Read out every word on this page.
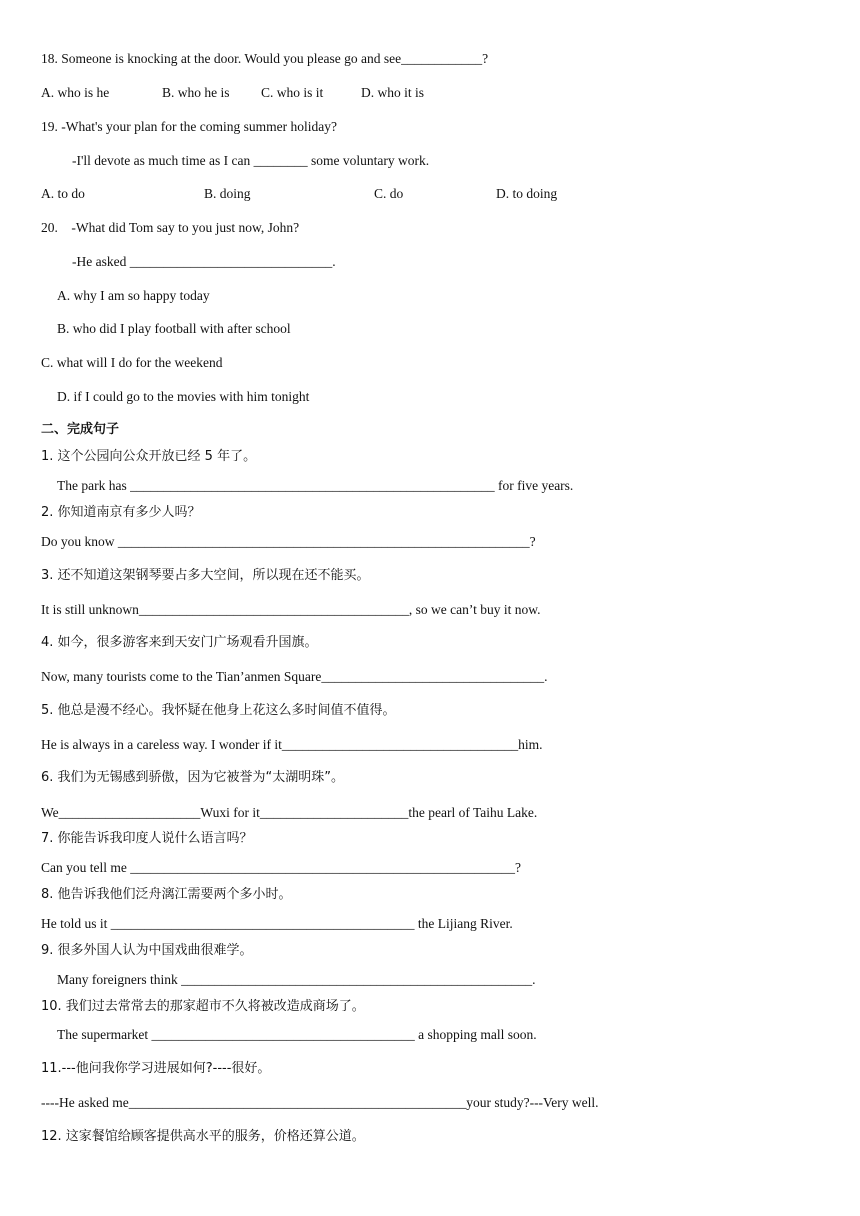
18. Someone is knocking at the door. Would you please go and see____________?
A. who is he	B. who he is C. who is it	D. who it is
19. -What's your plan for the coming summer holiday?
-I'll devote as much time as I can ________ some voluntary work.
A. to do	B. doing	C. do	D. to doing
20.    -What did Tom say to you just now, John?
-He asked ______________________________.
A. why I am so happy today
B. who did I play football with after school
C. what will I do for the weekend
D. if I could go to the movies with him tonight
二、完成句子
1. 这个公园向公众开放已经 5 年了。
The park has ______________________________________________________ for five years.
2. 你知道南京有多少人吗？
Do you know _____________________________________________________________?
3. 还不知道这架钢琴要占多大空间，所以现在还不能买。
It is still unknown________________________________________, so we can’t buy it now.
4. 如今，很多游客来到天安门广场观看升国旗。
Now, many tourists come to the Tian’anmen Square_________________________________.
5. 他总是漫不经心。我怀疑在他身上花这么多时间值不值得。
He is always in a careless way. I wonder if it___________________________________him.
6. 我们为无锡感到骄傲，因为它被誉为“太湖明珠”。
We_____________________Wuxi for it______________________the pearl of Taihu Lake.
7. 你能告诉我印度人说什么语言吗？
Can you tell me _________________________________________________________?
8. 他告诉我他们泛舟漓江需要两个多小时。
He told us it _____________________________________________ the Lijiang River.
9. 很多外国人认为中国戏曲很难学。
Many foreigners think ____________________________________________________.
10. 我们过去常常去的那家超市不久将被改造成商场了。
The supermarket _______________________________________ a shopping mall soon.
11.---他问我你学习进展如何?----很好。
----He asked me__________________________________________________your study?---Very well.
12. 这家餐馆给顾客提供高水平的服务，价格还算公道。
